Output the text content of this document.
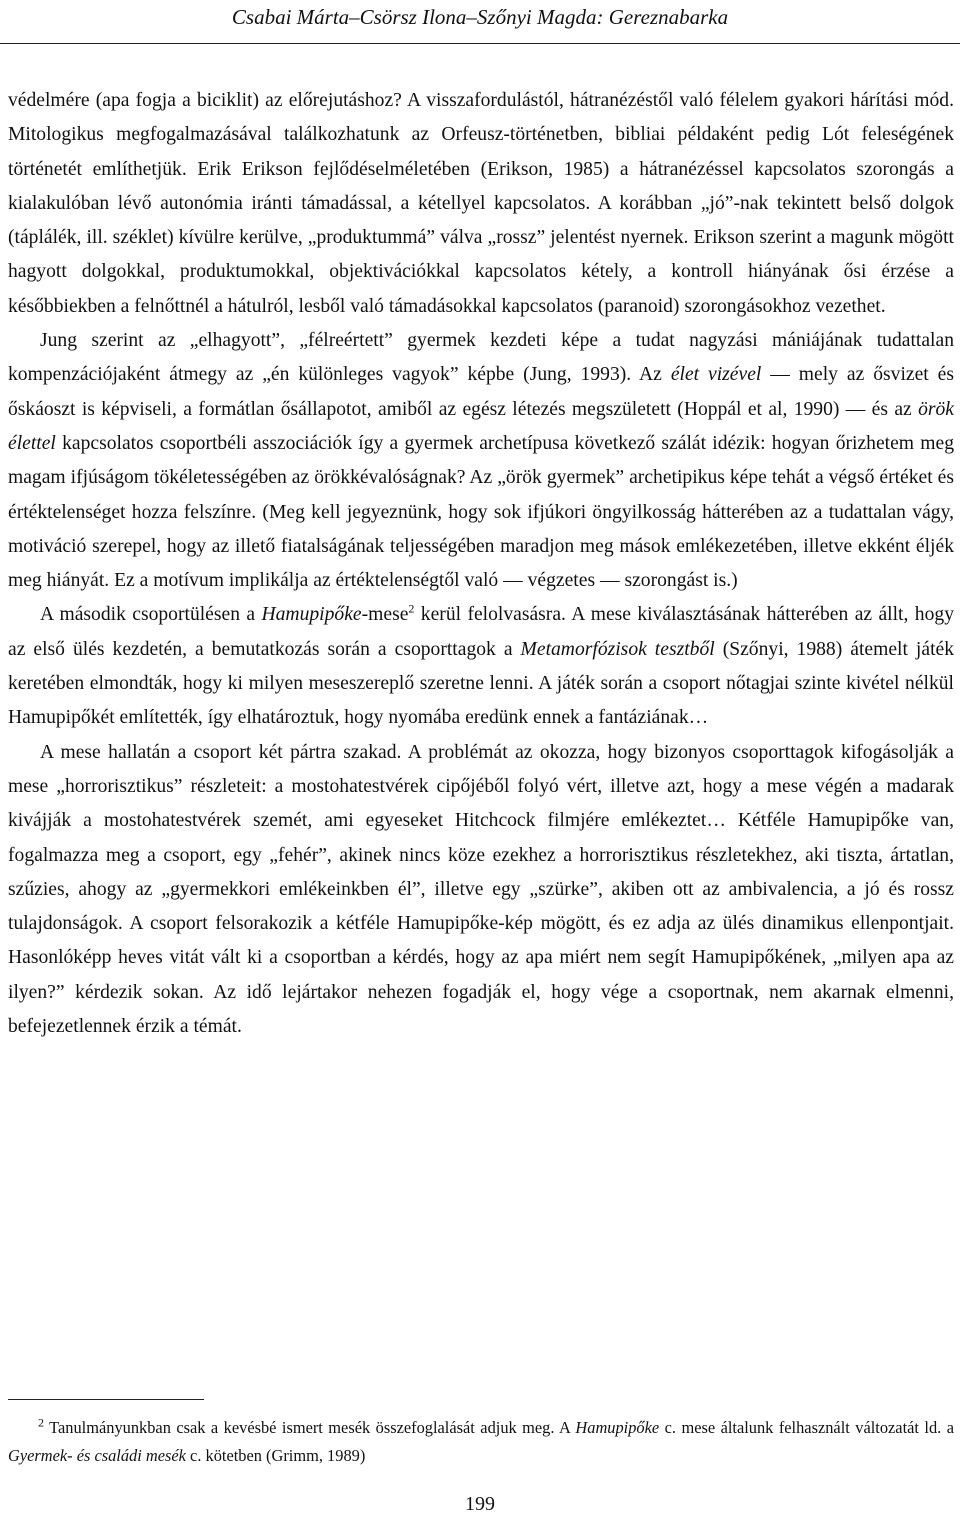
Csabai Márta–Csörsz Ilona–Szőnyi Magda: Gereznabarka

védelmére (apa fogja a biciklit) az előrejutáshoz? A visszafordulástól, hátranézéstől való félelem gyakori hárítási mód. Mitologikus megfogalmazásával találkozhatunk az Orfeusz-történetben, bibliai példaként pedig Lót feleségének történetét említhetjük. Erik Erikson fejlődéselméletében (Erikson, 1985) a hátranézéssel kapcsolatos szorongás a kialakulóban lévő autonómia iránti támadással, a kétellyel kapcsolatos. A korábban „jó”-nak tekintett belső dolgok (táplálék, ill. széklet) kívülre kerülve, „produktummá” válva „rossz” jelentést nyernek. Erikson szerint a magunk mögött hagyott dolgokkal, produktumokkal, objektivációkkal kapcsolatos kétely, a kontroll hiányának ősi érzése a későbbiekben a felnőttnél a hátulról, lesből való támadásokkal kapcsolatos (paranoid) szorongásokhoz vezethet.

Jung szerint az „elhagyott”, „félreértett” gyermek kezdeti képe a tudat nagyzási mániájának tudattalan kompenzációjaként átmegy az „én különleges vagyok” képbe (Jung, 1993). Az élet vizével — mely az ősvizet és őskáoszt is képviseli, a formátlan ősállapotot, amiből az egész létezés megszületett (Hoppál et al, 1990) — és az örök élettel kapcsolatos csoportbéli asszociációk így a gyermek archetípusa következő szálát idézik: hogyan őrizhetem meg magam ifjúságom tökéletességében az örökkévalóságnak? Az „örök gyermek” archetipikus képe tehát a végső értéket és értéktelenséget hozza felszínre. (Meg kell jegyeznünk, hogy sok ifjúkori öngyilkosság hátterében az a tudattalan vágy, motiváció szerepel, hogy az illető fiatalságának teljességében maradjon meg mások emlékezetében, illetve ekként éljék meg hiányát. Ez a motívum implikálja az értéktelenségtől való — végzetes — szorongást is.)

A második csoportülésen a Hamupipőke-mese$^2$ kerül felolvasásra. A mese kiválasztásának hátterében az állt, hogy az első ülés kezdetén, a bemutatkozás során a csoporttagok a Metamorfózisok tesztből (Szőnyi, 1988) átemelt játék keretében elmondták, hogy ki milyen meseszereplő szeretne lenni. A játék során a csoport nőtagjai szinte kivétel nélkül Hamupipőkét említették, így elhatároztuk, hogy nyomába eredünk ennek a fantáziának…

A mese hallatán a csoport két pártra szakad. A problémát az okozza, hogy bizonyos csoporttagok kifogásolják a mese „horrorisztikus” részleteit: a mostohatestvérek cipőjéből folyó vért, illetve azt, hogy a mese végén a madarak kivájják a mostohatestvérek szemét, ami egyeseket Hitchcock filmjére emlékeztet… Kétféle Hamupipőke van, fogalmazza meg a csoport, egy „fehér”, akinek nincs köze ezekhez a horrorisztikus részletekhez, aki tiszta, ártatlan, szűzies, ahogy az „gyermekkori emlékeinkben él”, illetve egy „szürke”, akiben ott az ambivalencia, a jó és rossz tulajdonságok. A csoport felsorakozik a kétféle Hamupipőke-kép mögött, és ez adja az ülés dinamikus ellenpontjait. Hasonlóképp heves vitát vált ki a csoportban a kérdés, hogy az apa miért nem segít Hamupipőkének, „milyen apa az ilyen?” kérdezik sokan. Az idő lejártakor nehezen fogadják el, hogy vége a csoportnak, nem akarnak elmenni, befejezetlennek érzik a témát.

$^2$ Tanulmányunkban csak a kevésbé ismert mesék összefoglalását adjuk meg. A Hamupipőke c. mese általunk felhasznált változatát ld. a Gyermek- és családi mesék c. kötetben (Grimm, 1989)
199
